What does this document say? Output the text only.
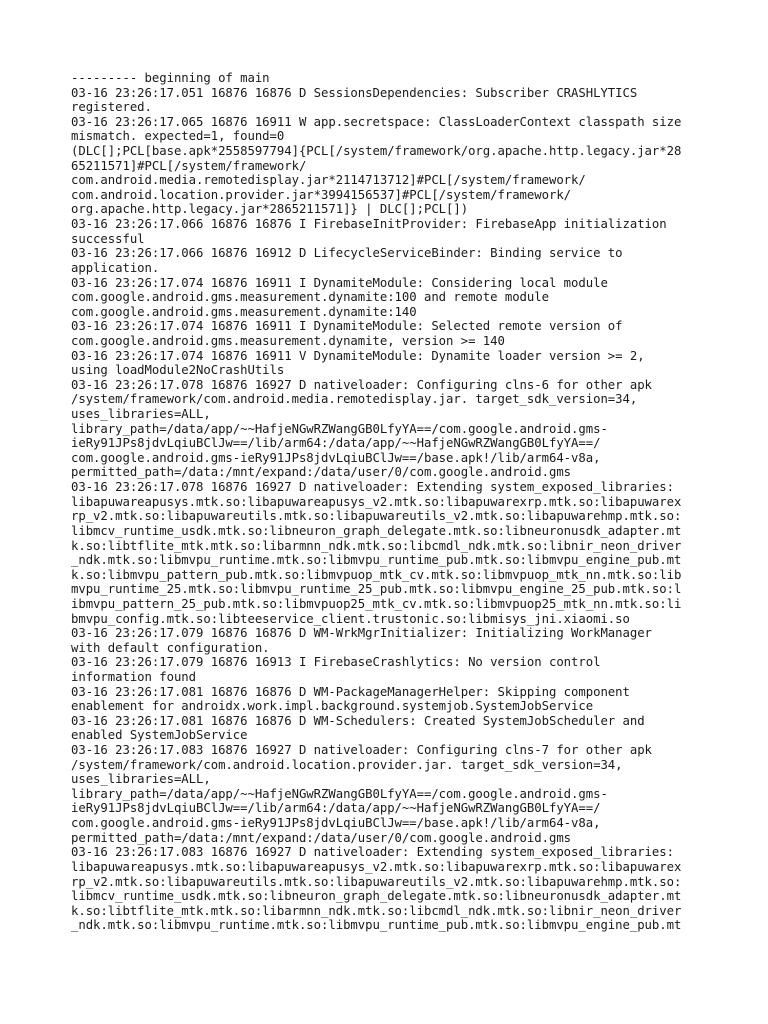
--------- beginning of main
03-16 23:26:17.051 16876 16876 D SessionsDependencies: Subscriber CRASHLYTICS
registered.
03-16 23:26:17.065 16876 16911 W app.secretspace: ClassLoaderContext classpath size
mismatch. expected=1, found=0
(DLC[];PCL[base.apk*2558597794]{PCL[/system/framework/org.apache.http.legacy.jar*28
65211571]#PCL[/system/framework/
com.android.media.remotedisplay.jar*2114713712]#PCL[/system/framework/
com.android.location.provider.jar*3994156537]#PCL[/system/framework/
org.apache.http.legacy.jar*2865211571]} | DLC[];PCL[])
03-16 23:26:17.066 16876 16876 I FirebaseInitProvider: FirebaseApp initialization
successful
03-16 23:26:17.066 16876 16912 D LifecycleServiceBinder: Binding service to
application.
03-16 23:26:17.074 16876 16911 I DynamiteModule: Considering local module
com.google.android.gms.measurement.dynamite:100 and remote module
com.google.android.gms.measurement.dynamite:140
03-16 23:26:17.074 16876 16911 I DynamiteModule: Selected remote version of
com.google.android.gms.measurement.dynamite, version >= 140
03-16 23:26:17.074 16876 16911 V DynamiteModule: Dynamite loader version >= 2,
using loadModule2NoCrashUtils
03-16 23:26:17.078 16876 16927 D nativeloader: Configuring clns-6 for other apk
/system/framework/com.android.media.remotedisplay.jar. target_sdk_version=34,
uses_libraries=ALL,
library_path=/data/app/~~HafjeNGwRZWangGB0LfyYA==/com.google.android.gms-
ieRy91JPs8jdvLqiuBClJw==/lib/arm64:/data/app/~~HafjeNGwRZWangGB0LfyYA==/
com.google.android.gms-ieRy91JPs8jdvLqiuBClJw==/base.apk!/lib/arm64-v8a,
permitted_path=/data:/mnt/expand:/data/user/0/com.google.android.gms
03-16 23:26:17.078 16876 16927 D nativeloader: Extending system_exposed_libraries:
libapuwareapusys.mtk.so:libapuwareapusys_v2.mtk.so:libapuwarexrp.mtk.so:libapuwarex
rp_v2.mtk.so:libapuwareutils.mtk.so:libapuwareutils_v2.mtk.so:libapuwarehmp.mtk.so:
libmcv_runtime_usdk.mtk.so:libneuron_graph_delegate.mtk.so:libneuronusdk_adapter.mt
k.so:libtflite_mtk.mtk.so:libarmnn_ndk.mtk.so:libcmdl_ndk.mtk.so:libnir_neon_driver
_ndk.mtk.so:libmvpu_runtime.mtk.so:libmvpu_runtime_pub.mtk.so:libmvpu_engine_pub.mt
k.so:libmvpu_pattern_pub.mtk.so:libmvpuop_mtk_cv.mtk.so:libmvpuop_mtk_nn.mtk.so:lib
mvpu_runtime_25.mtk.so:libmvpu_runtime_25_pub.mtk.so:libmvpu_engine_25_pub.mtk.so:l
ibmvpu_pattern_25_pub.mtk.so:libmvpuop25_mtk_cv.mtk.so:libmvpuop25_mtk_nn.mtk.so:li
bmvpu_config.mtk.so:libteeservice_client.trustonic.so:libmisys_jni.xiaomi.so
03-16 23:26:17.079 16876 16876 D WM-WrkMgrInitializer: Initializing WorkManager
with default configuration.
03-16 23:26:17.079 16876 16913 I FirebaseCrashlytics: No version control
information found
03-16 23:26:17.081 16876 16876 D WM-PackageManagerHelper: Skipping component
enablement for androidx.work.impl.background.systemjob.SystemJobService
03-16 23:26:17.081 16876 16876 D WM-Schedulers: Created SystemJobScheduler and
enabled SystemJobService
03-16 23:26:17.083 16876 16927 D nativeloader: Configuring clns-7 for other apk
/system/framework/com.android.location.provider.jar. target_sdk_version=34,
uses_libraries=ALL,
library_path=/data/app/~~HafjeNGwRZWangGB0LfyYA==/com.google.android.gms-
ieRy91JPs8jdvLqiuBClJw==/lib/arm64:/data/app/~~HafjeNGwRZWangGB0LfyYA==/
com.google.android.gms-ieRy91JPs8jdvLqiuBClJw==/base.apk!/lib/arm64-v8a,
permitted_path=/data:/mnt/expand:/data/user/0/com.google.android.gms
03-16 23:26:17.083 16876 16927 D nativeloader: Extending system_exposed_libraries:
libapuwareapusys.mtk.so:libapuwareapusys_v2.mtk.so:libapuwarexrp.mtk.so:libapuwarex
rp_v2.mtk.so:libapuwareutils.mtk.so:libapuwareutils_v2.mtk.so:libapuwarehmp.mtk.so:
libmcv_runtime_usdk.mtk.so:libneuron_graph_delegate.mtk.so:libneuronusdk_adapter.mt
k.so:libtflite_mtk.mtk.so:libarmnn_ndk.mtk.so:libcmdl_ndk.mtk.so:libnir_neon_driver
_ndk.mtk.so:libmvpu_runtime.mtk.so:libmvpu_runtime_pub.mtk.so:libmvpu_engine_pub.mt
